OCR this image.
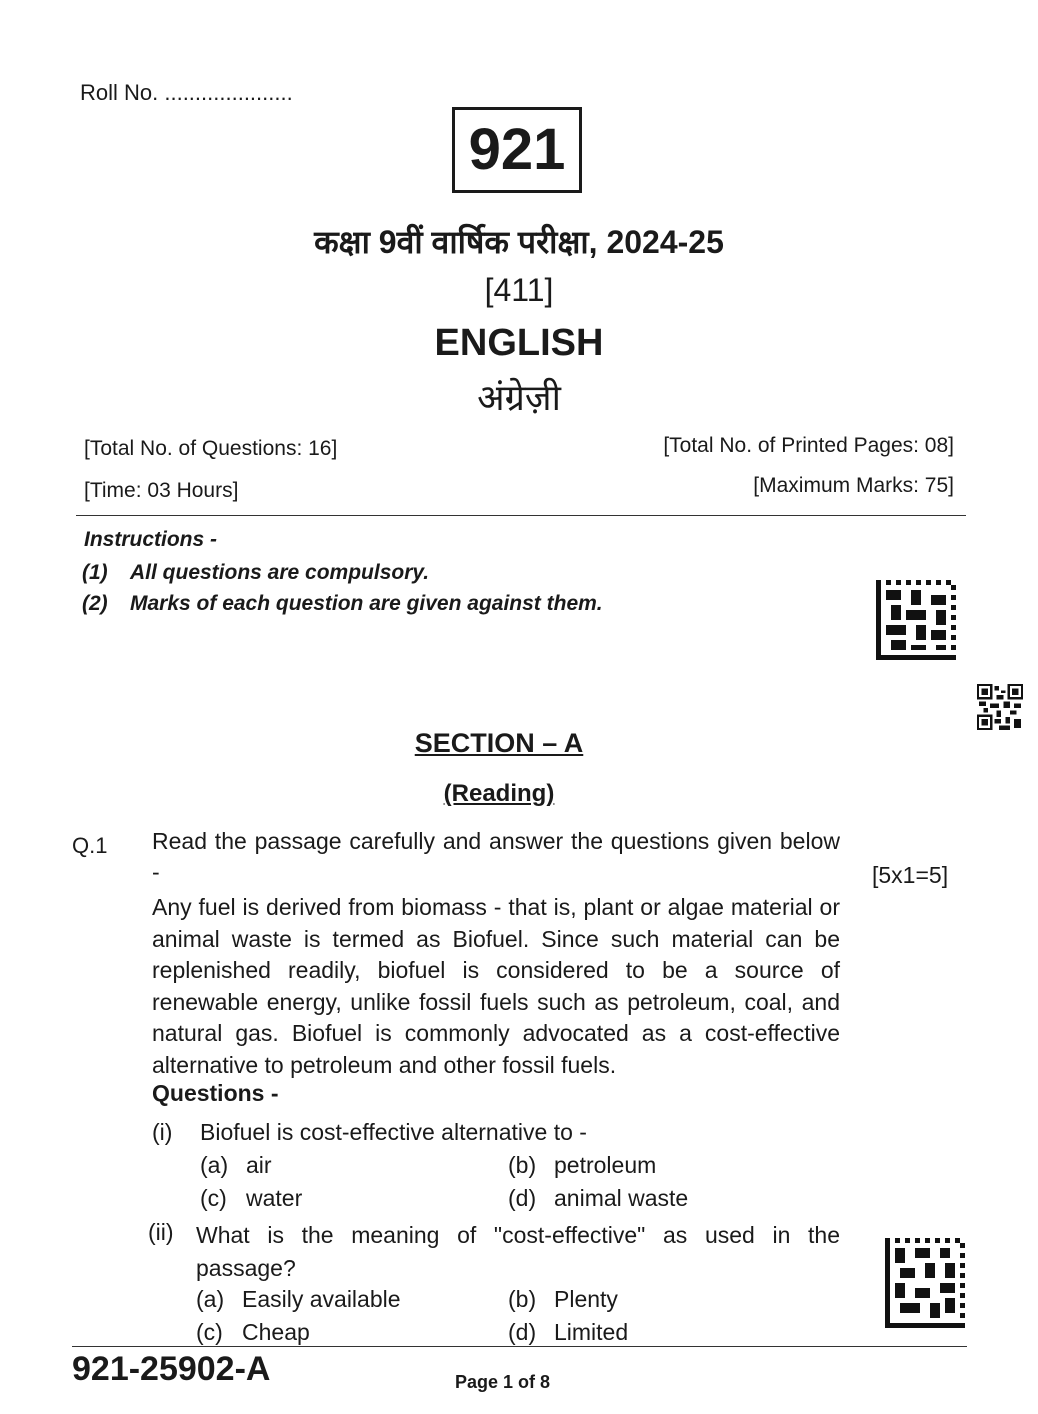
Roll No. .....................
921
कक्षा 9वीं वार्षिक परीक्षा, 2024-25
[411]
ENGLISH
अंग्रेज़ी
[Total No. of Questions: 16]	[Total No. of Printed Pages: 08]
[Time: 03 Hours]	[Maximum Marks: 75]
Instructions -
(1) All questions are compulsory.
(2) Marks of each question are given against them.
SECTION – A
(Reading)
Q.1 Read the passage carefully and answer the questions given below -	[5x1=5]
Any fuel is derived from biomass - that is, plant or algae material or animal waste is termed as Biofuel. Since such material can be replenished readily, biofuel is considered to be a source of renewable energy, unlike fossil fuels such as petroleum, coal, and natural gas. Biofuel is commonly advocated as a cost-effective alternative to petroleum and other fossil fuels.
Questions -
(i) Biofuel is cost-effective alternative to -
(a) air	(b) petroleum
(c) water	(d) animal waste
(ii) What is the meaning of "cost-effective" as used in the passage?
(a) Easily available	(b) Plenty
(c) Cheap	(d) Limited
921-25902-A	Page 1 of 8
